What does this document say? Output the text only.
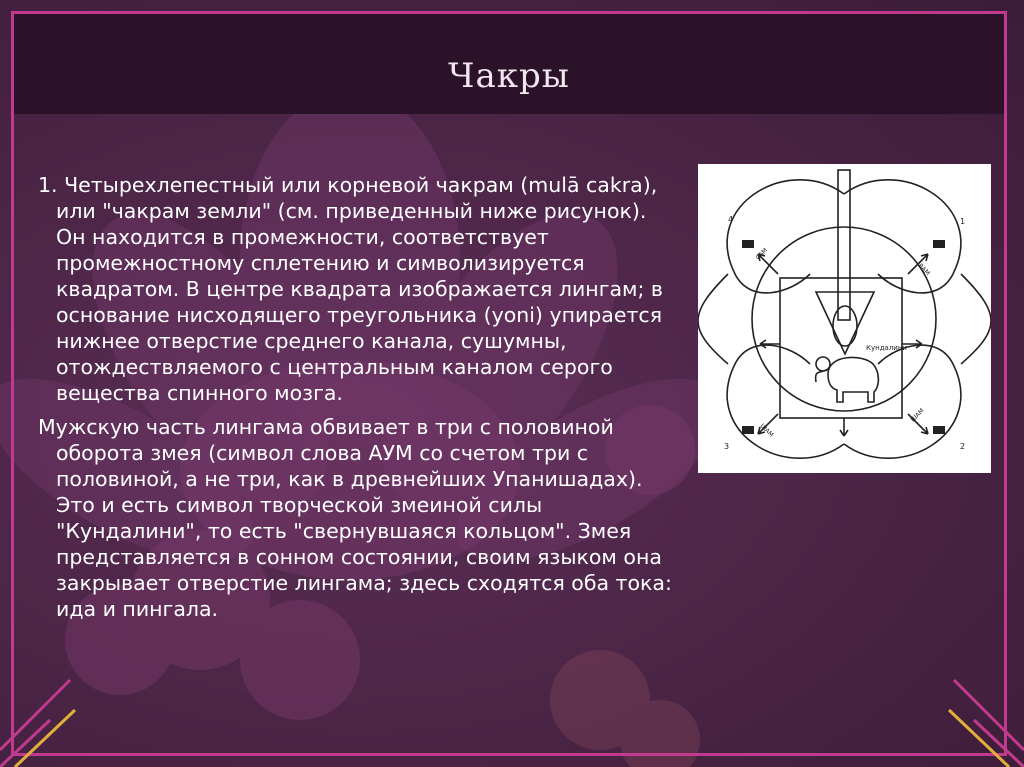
Чакры

1. Четырехлепестный или корневой чакрам (mulā cakra), или "чакрам земли" (см. приведенный ниже рисунок). Он находится в промежности, соответствует промежностному сплетению и символизируется квадратом. В центре квадрата изображается лингам; в основание нисходящего треугольника (yoni) упирается нижнее отверстие среднего канала, сушумны, отождествляемого с центральным каналом серого вещества спинного мозга.

Мужскую часть лингама обвивает в три с половиной оборота змея (символ слова АУМ со счетом три с половиной, а не три, как в древнейших Упанишадах). Это и есть символ творческой змеиной силы "Кундалини", то есть "свернувшаяся кольцом". Змея представляется в сонном состоянии, своим языком она закрывает отверстие лингама; здесь сходятся оба тока: ида и пингала.

1
2
3
4
Кундалини
ВАМ
ШАМ
ШАМ
САМ
